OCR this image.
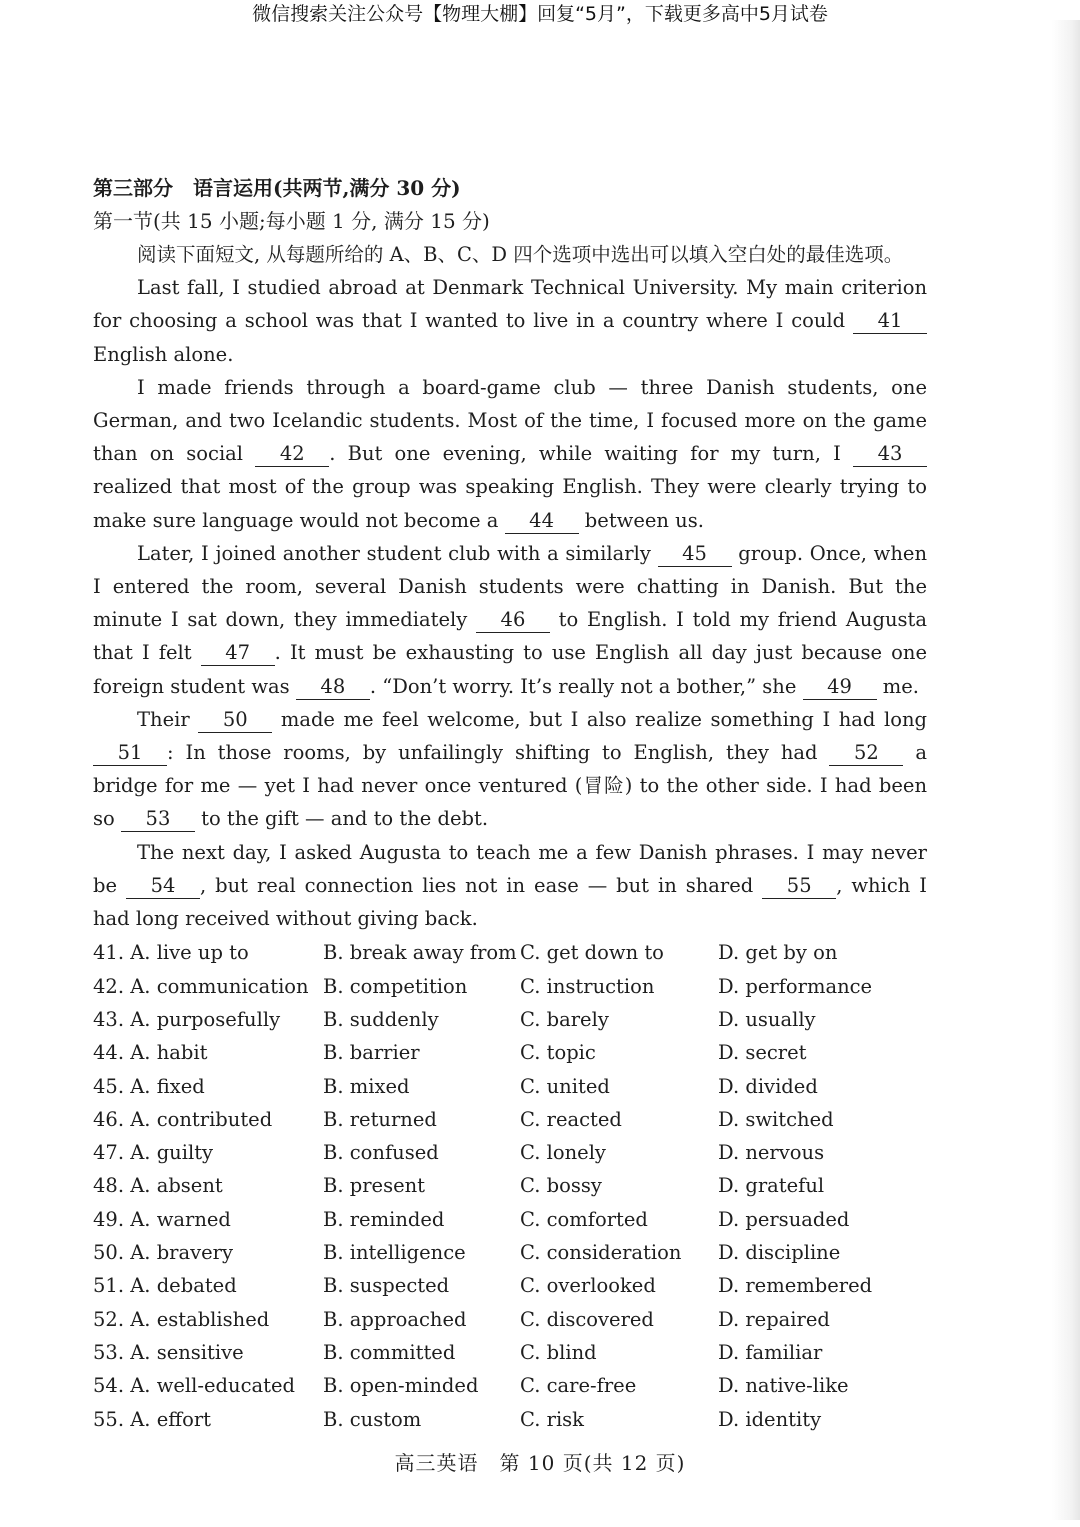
微信搜索关注公众号【物理大棚】回复“5月”，下载更多高中5月试卷
第三部分　语言运用(共两节,满分 30 分)
第一节(共 15 小题;每小题 1 分, 满分 15 分)

阅读下面短文, 从每题所给的 A、B、C、D 四个选项中选出可以填入空白处的最佳选项。

Last fall, I studied abroad at Denmark Technical University. My main criterion for choosing a school was that I wanted to live in a country where I could 41 English alone.

I made friends through a board-game club — three Danish students, one German, and two Icelandic students. Most of the time, I focused more on the game than on social 42 . But one evening, while waiting for my turn, I 43 realized that most of the group was speaking English. They were clearly trying to make sure language would not become a 44 between us.

Later, I joined another student club with a similarly 45 group. Once, when I entered the room, several Danish students were chatting in Danish. But the minute I sat down, they immediately 46 to English. I told my friend Augusta that I felt 47 . It must be exhausting to use English all day just because one foreign student was 48 . “Don’t worry. It’s really not a bother,” she 49 me.

Their 50 made me feel welcome, but I also realize something I had long 51 : In those rooms, by unfailingly shifting to English, they had 52 a bridge for me — yet I had never once ventured (冒险) to the other side. I had been so 53 to the gift — and to the debt.

The next day, I asked Augusta to teach me a few Danish phrases. I may never be 54 , but real connection lies not in ease — but in shared 55 , which I had long received without giving back.

41. A. live up to	B. break away from C. get down to	D. get by on
42. A. communication B. competition	C. instruction	D. performance
43. A. purposefully	B. suddenly	C. barely	D. usually
44. A. habit	B. barrier	C. topic	D. secret
45. A. fixed	B. mixed	C. united	D. divided
46. A. contributed	B. returned	C. reacted	D. switched
47. A. guilty	B. confused	C. lonely	D. nervous
48. A. absent	B. present	C. bossy	D. grateful
49. A. warned	B. reminded	C. comforted	D. persuaded
50. A. bravery	B. intelligence	C. consideration	D. discipline
51. A. debated	B. suspected	C. overlooked	D. remembered
52. A. established	B. approached	C. discovered	D. repaired
53. A. sensitive	B. committed	C. blind	D. familiar
54. A. well-educated	B. open-minded	C. care-free	D. native-like
55. A. effort	B. custom	C. risk	D. identity
高三英语　第 10 页(共 12 页)
